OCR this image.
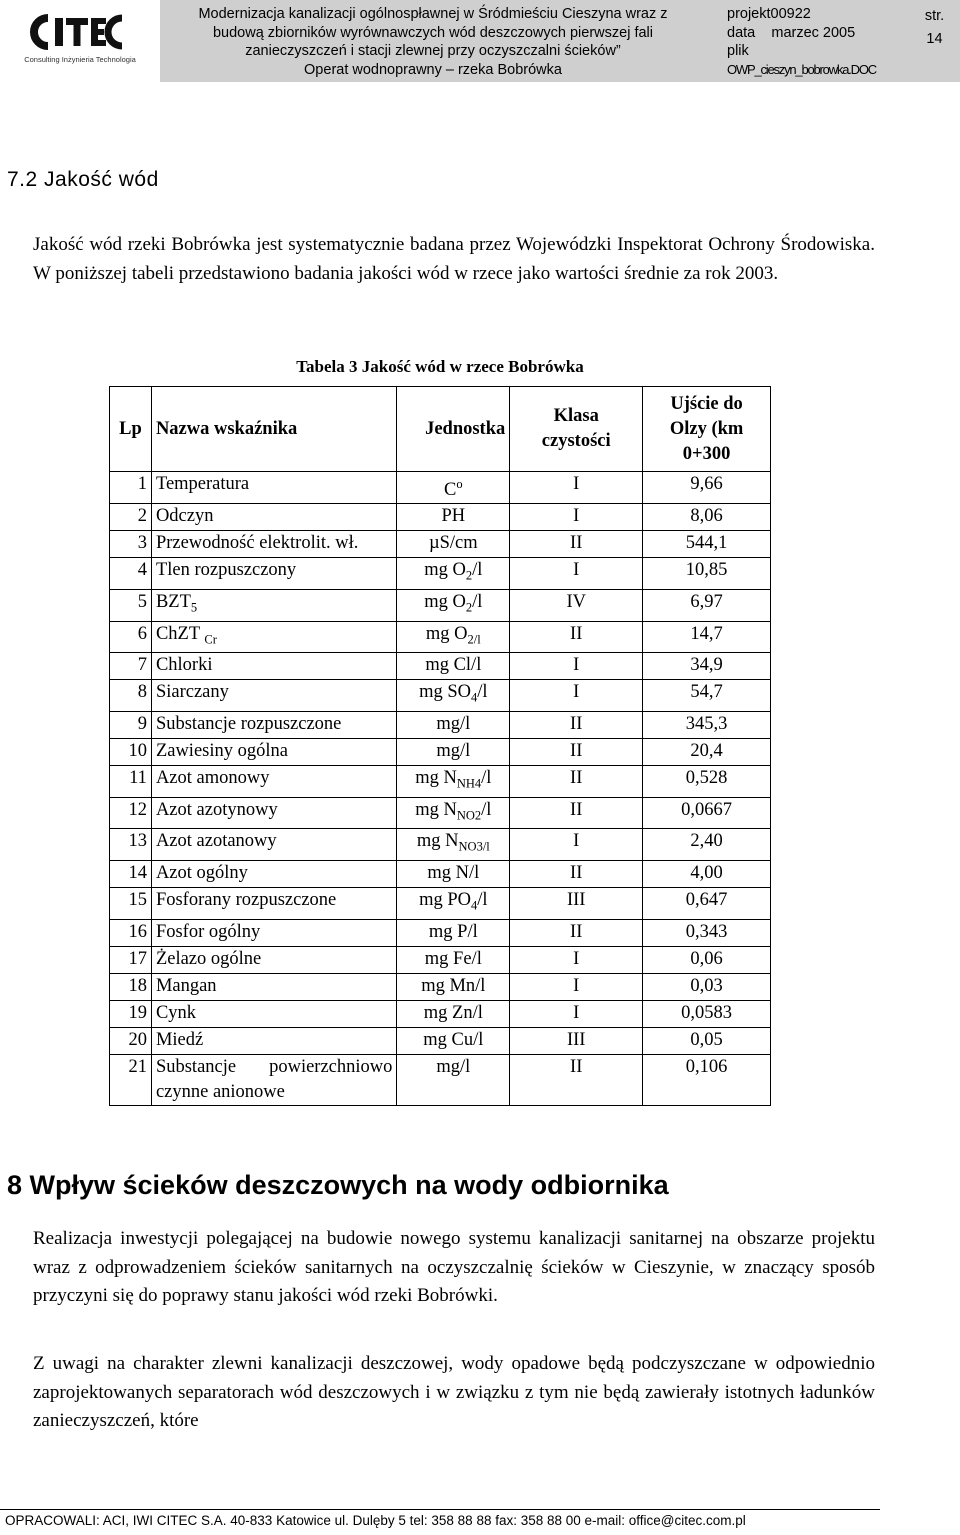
Consulting Inżynieria Technologia
Modernizacja kanalizacji ogólnospławnej w Śródmieściu Cieszyna wraz z
budową zbiorników wyrównawczych wód deszczowych pierwszej fali
zanieczyszczeń i stacji zlewnej przy oczyszczalni ścieków”
Operat wodnoprawny – rzeka Bobrówka
projekt00922
data marzec 2005
plik
OWP_cieszyn_bobrowka.DOC
str.
14
7.2 Jakość wód

Jakość wód rzeki Bobrówka jest systematycznie badana przez Wojewódzki Inspektorat Ochrony Środowiska. W poniższej tabeli przedstawiono badania jakości wód w rzece jako wartości średnie za rok 2003.

Tabela 3 Jakość wód w rzece Bobrówka
Lp	Nazwa wskaźnika	Jednostka	Klasa czystości	Ujście do Olzy (km 0+300
1	Temperatura	$C^o$	I	9,66
2	Odczyn	PH	I	8,06
3	Przewodność elektrolit. wł.	µS/cm	II	544,1
4	Tlen rozpuszczony	mg $O_2/l$	I	10,85
5	$BZT_5$	mg $O_2/l$	IV	6,97
6	ChZT $_{Cr}$	mg $O_{2/l}$	II	14,7
7	Chlorki	mg Cl/l	I	34,9
8	Siarczany	mg $SO_4/l$	I	54,7
9	Substancje rozpuszczone	mg/l	II	345,3
10	Zawiesiny ogólna	mg/l	II	20,4
11	Azot amonowy	mg $N_{NH4}/l$	II	0,528
12	Azot azotynowy	mg $N_{NO2}/l$	II	0,0667
13	Azot azotanowy	mg $N_{NO3/l}$	I	2,40
14	Azot ogólny	mg N/l	II	4,00
15	Fosforany rozpuszczone	mg $PO_4/l$	III	0,647
16	Fosfor ogólny	mg P/l	II	0,343
17	Żelazo ogólne	mg Fe/l	I	0,06
18	Mangan	mg Mn/l	I	0,03
19	Cynk	mg Zn/l	I	0,0583
20	Miedź	mg Cu/l	III	0,05
21	Substancje powierzchniowo czynne anionowe	mg/l	II	0,106
8 Wpływ ścieków deszczowych na wody odbiornika

Realizacja inwestycji polegającej na budowie nowego systemu kanalizacji sanitarnej na obszarze projektu wraz z odprowadzeniem ścieków sanitarnych na oczyszczalnię ścieków w Cieszynie, w znaczący sposób przyczyni się do poprawy stanu jakości wód rzeki Bobrówki.

Z uwagi na charakter zlewni kanalizacji deszczowej, wody opadowe będą podczyszczane w odpowiednio zaprojektowanych separatorach wód deszczowych i w związku z tym nie będą zawierały istotnych ładunków zanieczyszczeń, które

OPRACOWALI: ACI, IWI CITEC S.A. 40-833 Katowice ul. Dulęby 5 tel: 358 88 88 fax: 358 88 00 e-mail: office@citec.com.pl
